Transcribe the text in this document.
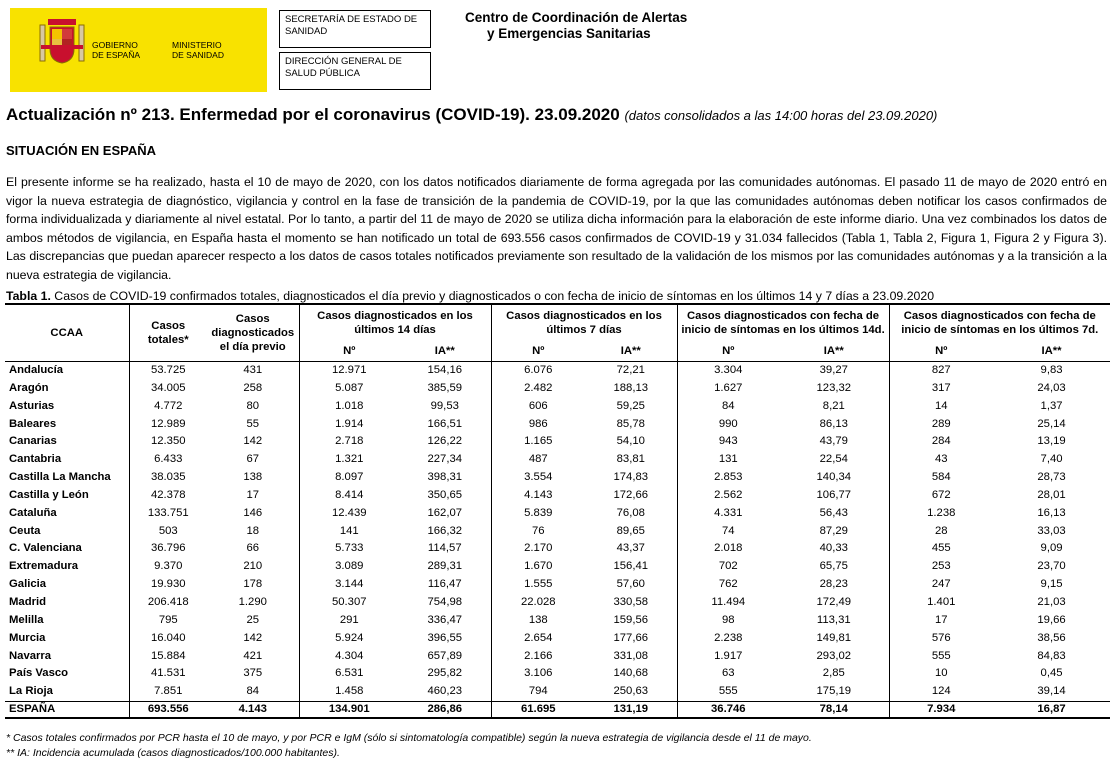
GOBIERNO
DE ESPAÑA
MINISTERIO
DE SANIDAD
SECRETARÍA DE ESTADO DE SANIDAD
DIRECCIÓN GENERAL DE SALUD PÚBLICA
Centro de Coordinación de Alertas
y Emergencias Sanitarias
Actualización nº 213. Enfermedad por el coronavirus (COVID-19). 23.09.2020 (datos consolidados a las 14:00 horas del 23.09.2020)
SITUACIÓN EN ESPAÑA
El presente informe se ha realizado, hasta el 10 de mayo de 2020, con los datos notificados diariamente de forma agregada por las comunidades autónomas. El pasado 11 de mayo de 2020 entró en vigor la nueva estrategia de diagnóstico, vigilancia y control en la fase de transición de la pandemia de COVID-19, por la que las comunidades autónomas deben notificar los casos confirmados de forma individualizada y diariamente al nivel estatal. Por lo tanto, a partir del 11 de mayo de 2020 se utiliza dicha información para la elaboración de este informe diario. Una vez combinados los datos de ambos métodos de vigilancia, en España hasta el momento se han notificado un total de 693.556 casos confirmados de COVID-19 y 31.034 fallecidos (Tabla 1, Tabla 2, Figura 1, Figura 2 y Figura 3). Las discrepancias que puedan aparecer respecto a los datos de casos totales notificados previamente son resultado de la validación de los mismos por las comunidades autónomas y a la transición a la nueva estrategia de vigilancia.
Tabla 1. Casos de COVID-19 confirmados totales, diagnosticados el día previo y diagnosticados o con fecha de inicio de síntomas en los últimos 14 y 7 días a 23.09.2020
CCAA	Casos totales*	Casos diagnosticados el día previo	Casos diagnosticados en los últimos 14 días		Casos diagnosticados en los últimos 7 días		Casos diagnosticados con fecha de inicio de síntomas en los últimos 14d.		Casos diagnosticados con fecha de inicio de síntomas en los últimos 7d.	
			Nº	IA**	Nº	IA**	Nº	IA**	Nº	IA**
Andalucía	53.725	431	12.971	154,16	6.076	72,21	3.304	39,27	827	9,83
Aragón	34.005	258	5.087	385,59	2.482	188,13	1.627	123,32	317	24,03
Asturias	4.772	80	1.018	99,53	606	59,25	84	8,21	14	1,37
Baleares	12.989	55	1.914	166,51	986	85,78	990	86,13	289	25,14
Canarias	12.350	142	2.718	126,22	1.165	54,10	943	43,79	284	13,19
Cantabria	6.433	67	1.321	227,34	487	83,81	131	22,54	43	7,40
Castilla La Mancha	38.035	138	8.097	398,31	3.554	174,83	2.853	140,34	584	28,73
Castilla y León	42.378	17	8.414	350,65	4.143	172,66	2.562	106,77	672	28,01
Cataluña	133.751	146	12.439	162,07	5.839	76,08	4.331	56,43	1.238	16,13
Ceuta	503	18	141	166,32	76	89,65	74	87,29	28	33,03
C. Valenciana	36.796	66	5.733	114,57	2.170	43,37	2.018	40,33	455	9,09
Extremadura	9.370	210	3.089	289,31	1.670	156,41	702	65,75	253	23,70
Galicia	19.930	178	3.144	116,47	1.555	57,60	762	28,23	247	9,15
Madrid	206.418	1.290	50.307	754,98	22.028	330,58	11.494	172,49	1.401	21,03
Melilla	795	25	291	336,47	138	159,56	98	113,31	17	19,66
Murcia	16.040	142	5.924	396,55	2.654	177,66	2.238	149,81	576	38,56
Navarra	15.884	421	4.304	657,89	2.166	331,08	1.917	293,02	555	84,83
País Vasco	41.531	375	6.531	295,82	3.106	140,68	63	2,85	10	0,45
La Rioja	7.851	84	1.458	460,23	794	250,63	555	175,19	124	39,14
ESPAÑA	693.556	4.143	134.901	286,86	61.695	131,19	36.746	78,14	7.934	16,87
* Casos totales confirmados por PCR hasta el 10 de mayo, y por PCR e IgM (sólo si sintomatología compatible) según la nueva estrategia de vigilancia desde el 11 de mayo.
** IA: Incidencia acumulada (casos diagnosticados/100.000 habitantes).
